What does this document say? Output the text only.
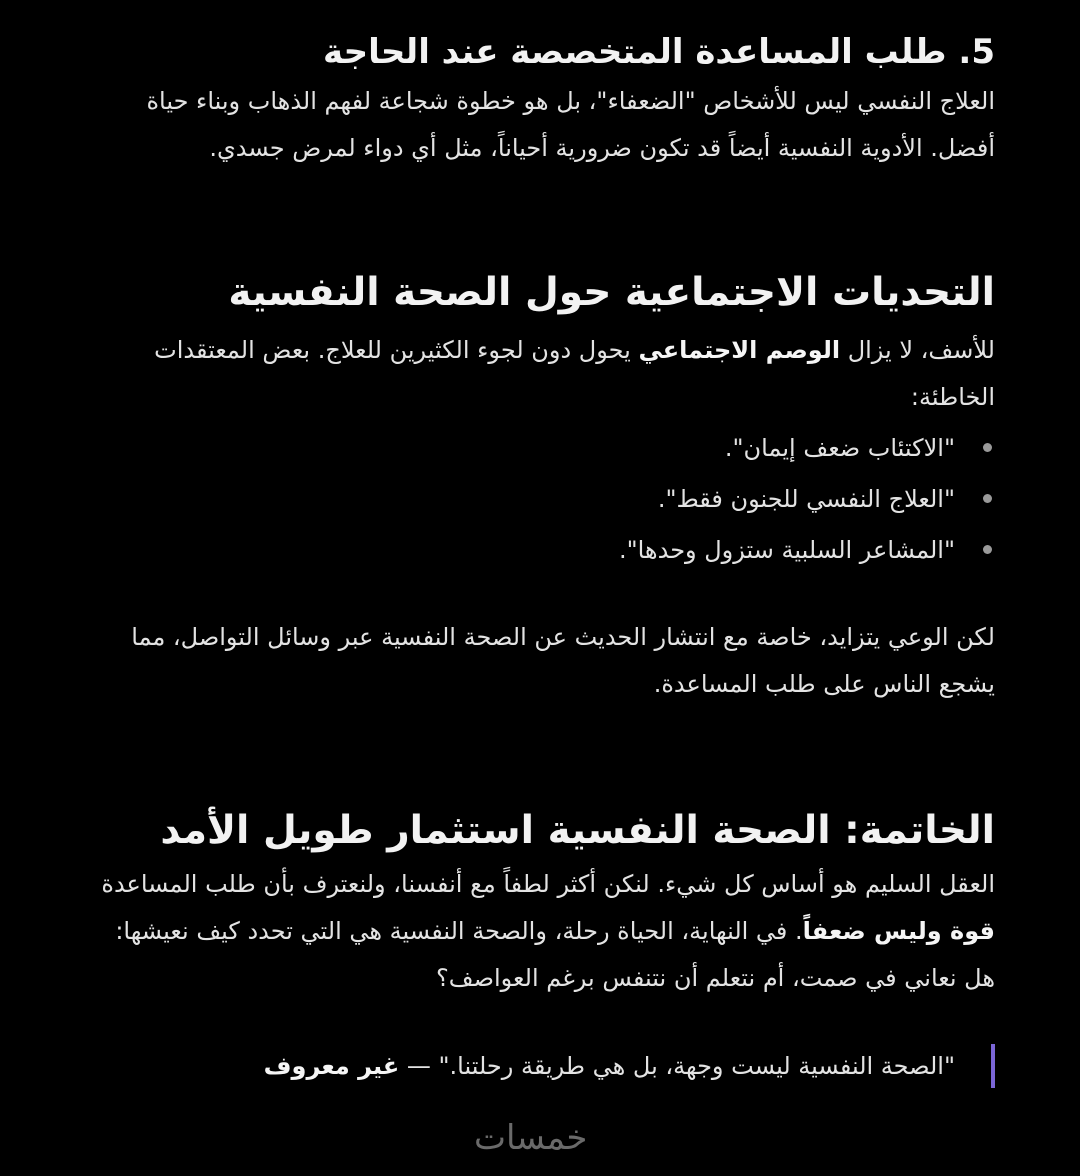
5. طلب المساعدة المتخصصة عند الحاجة

العلاج النفسي ليس للأشخاص "الضعفاء"، بل هو خطوة شجاعة لفهم الذهاب وبناء حياة أفضل. الأدوية النفسية أيضاً قد تكون ضرورية أحياناً، مثل أي دواء لمرض جسدي.

التحديات الاجتماعية حول الصحة النفسية

للأسف، لا يزال الوصم الاجتماعي يحول دون لجوء الكثيرين للعلاج. بعض المعتقدات الخاطئة:

"الاكتئاب ضعف إيمان".
"العلاج النفسي للجنون فقط".
"المشاعر السلبية ستزول وحدها".

لكن الوعي يتزايد، خاصة مع انتشار الحديث عن الصحة النفسية عبر وسائل التواصل، مما يشجع الناس على طلب المساعدة.

الخاتمة: الصحة النفسية استثمار طويل الأمد

العقل السليم هو أساس كل شيء. لنكن أكثر لطفاً مع أنفسنا، ولنعترف بأن طلب المساعدة قوة وليس ضعفاً. في النهاية، الحياة رحلة، والصحة النفسية هي التي تحدد كيف نعيشها: هل نعاني في صمت، أم نتعلم أن نتنفس برغم العواصف؟

"الصحة النفسية ليست وجهة، بل هي طريقة رحلتنا." — غير معروف
خمسات
